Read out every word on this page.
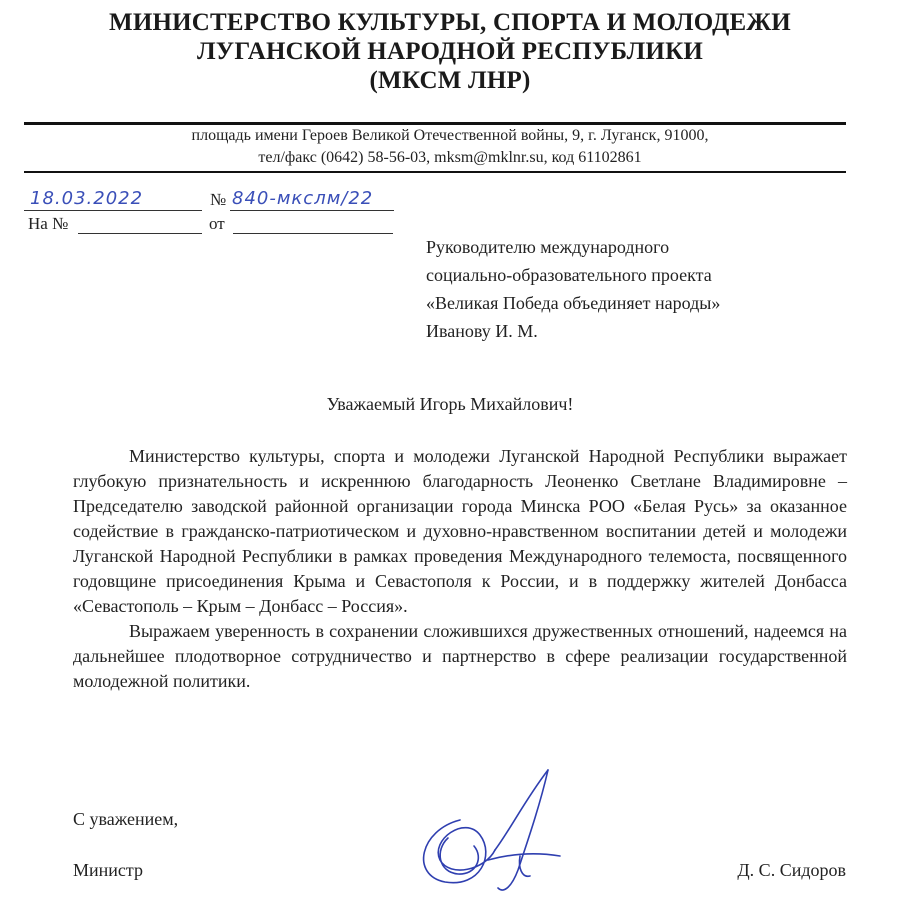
МИНИСТЕРСТВО КУЛЬТУРЫ, СПОРТА И МОЛОДЕЖИ
ЛУГАНСКОЙ НАРОДНОЙ РЕСПУБЛИКИ
(МКСМ ЛНР)
площадь имени Героев Великой Отечественной войны, 9, г. Луганск, 91000,
тел/факс (0642) 58-56-03, mksm@mklnr.su, код 61102861
18.03.2022	№ 840-мкслм/22
На №	от
Руководителю международного
социально-образовательного проекта
«Великая Победа объединяет народы»
Иванову И. М.
Уважаемый Игорь Михайлович!

Министерство культуры, спорта и молодежи Луганской Народной Республики выражает глубокую признательность и искреннюю благодарность Леоненко Светлане Владимировне – Председателю заводской районной организации города Минска РОО «Белая Русь» за оказанное содействие в гражданско-патриотическом и духовно-нравственном воспитании детей и молодежи Луганской Народной Республики в рамках проведения Международного телемоста, посвященного годовщине присоединения Крыма и Севастополя к России, и в поддержку жителей Донбасса «Севастополь – Крым – Донбасс – Россия».

Выражаем уверенность в сохранении сложившихся дружественных отношений, надеемся на дальнейшее плодотворное сотрудничество и партнерство в сфере реализации государственной молодежной политики.

С уважением,
Министр	Д. С. Сидоров
